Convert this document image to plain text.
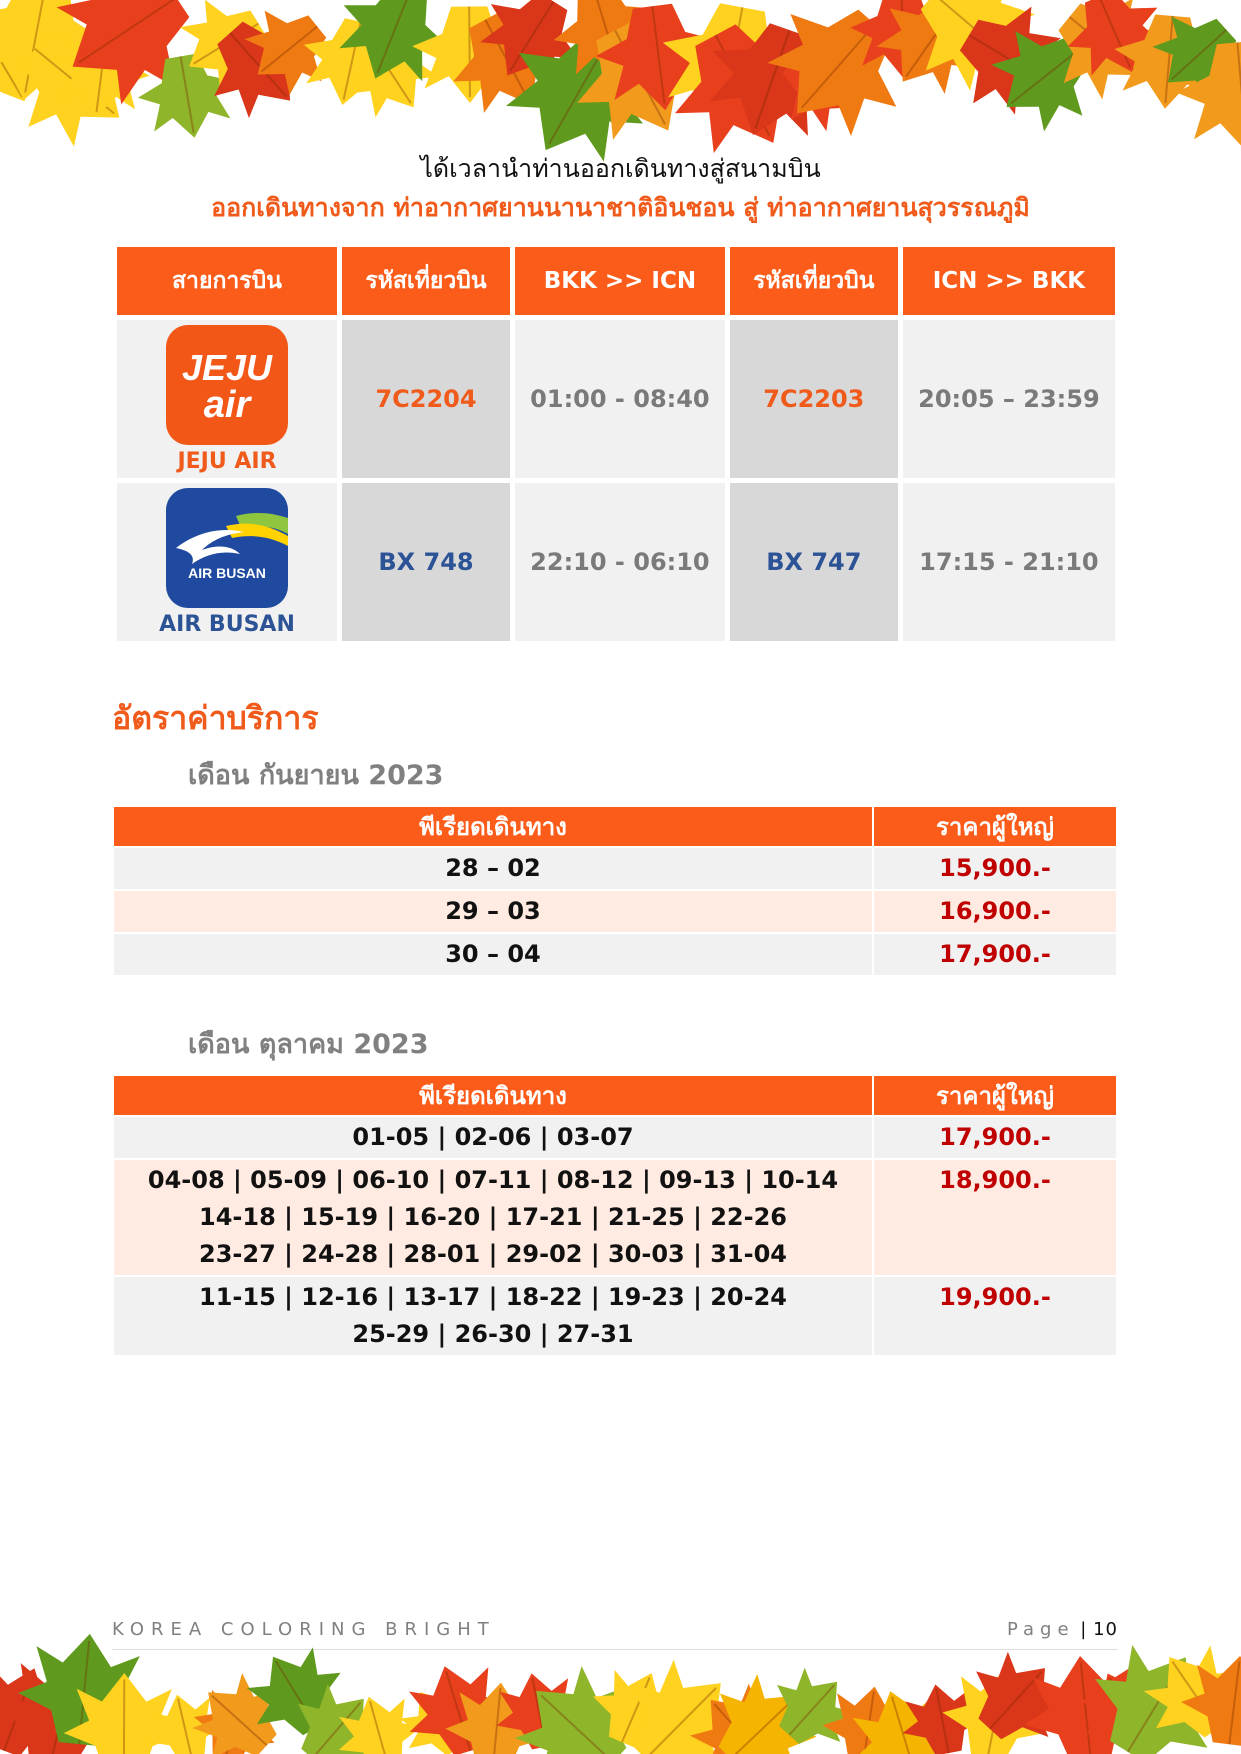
ได้เวลานำท่านออกเดินทางสู่สนามบิน
ออกเดินทางจาก ท่าอากาศยานนานาชาติอินชอน สู่ ท่าอากาศยานสุวรรณภูมิ
สายการบิน	รหัสเที่ยวบิน	BKK >> ICN	รหัสเที่ยวบิน	ICN >> BKK

JEJU
air
JEJU AIR	7C2204	01:00 - 08:40	7C2203	20:05 – 23:59

AIR BUSAN
AIR BUSAN	BX 748	22:10 - 06:10	BX 747	17:15 - 21:10
อัตราค่าบริการ
เดือน กันยายน 2023
พีเรียดเดินทาง	ราคาผู้ใหญ่
28 – 02	15,900.-
29 – 03	16,900.-
30 – 04	17,900.-
เดือน ตุลาคม 2023
พีเรียดเดินทาง	ราคาผู้ใหญ่

01-05 | 02-06 | 03-07	17,900.-

04-08 | 05-09 | 06-10 | 07-11 | 08-12 | 09-13 | 10-14
14-18 | 15-19 | 16-20 | 17-21 | 21-25 | 22-26
23-27 | 24-28 | 28-01 | 29-02 | 30-03 | 31-04	18,900.-

11-15 | 12-16 | 13-17 | 18-22 | 19-23 | 20-24
25-29 | 26-30 | 27-31	19,900.-
KOREA COLORING BRIGHT	Page | 10
